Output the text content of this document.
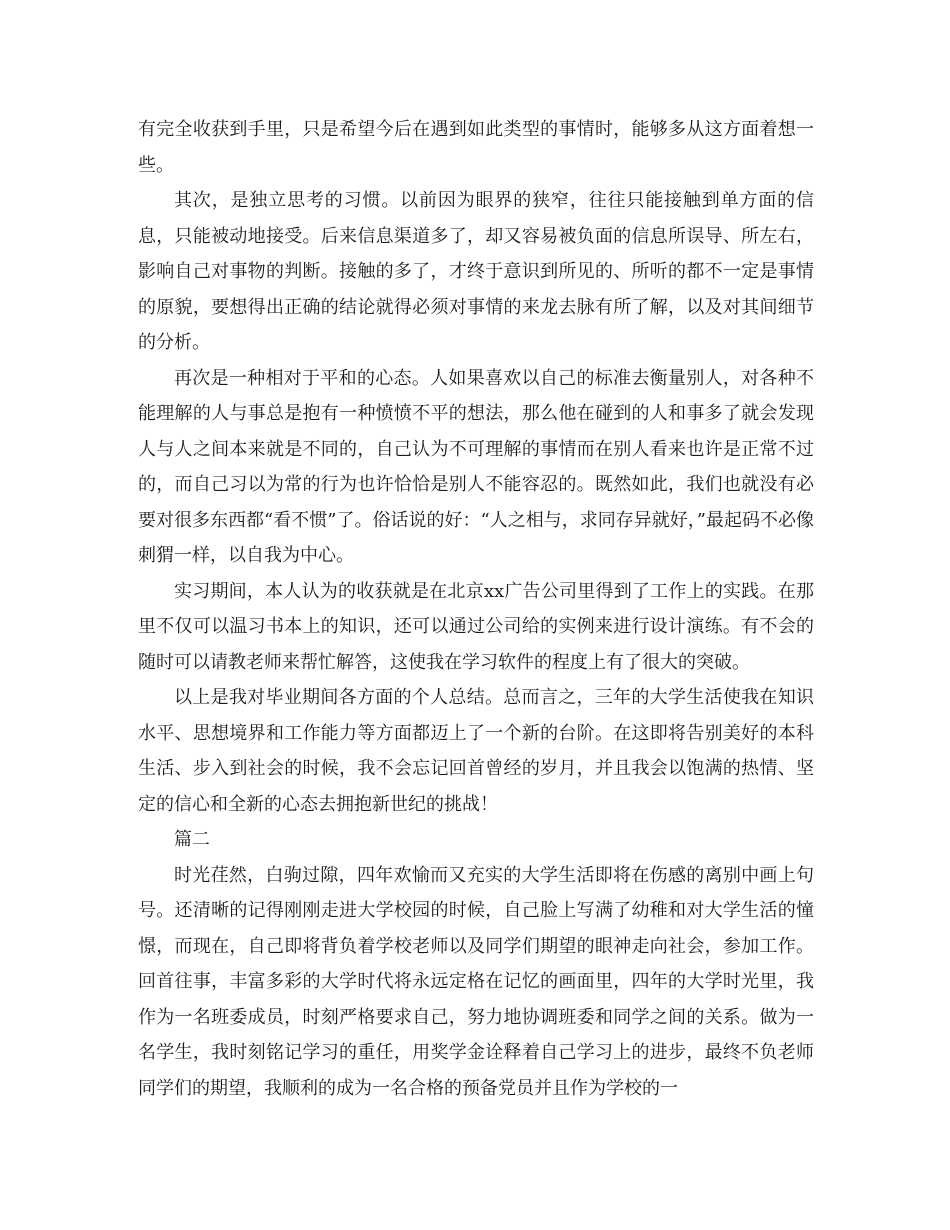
有完全收获到手里，只是希望今后在遇到如此类型的事情时，能够多从这方面着想一些。

其次，是独立思考的习惯。以前因为眼界的狭窄，往往只能接触到单方面的信息，只能被动地接受。后来信息渠道多了，却又容易被负面的信息所误导、所左右，影响自己对事物的判断。接触的多了，才终于意识到所见的、所听的都不一定是事情的原貌，要想得出正确的结论就得必须对事情的来龙去脉有所了解，以及对其间细节的分析。

再次是一种相对于平和的心态。人如果喜欢以自己的标准去衡量别人，对各种不能理解的人与事总是抱有一种愤愤不平的想法，那么他在碰到的人和事多了就会发现人与人之间本来就是不同的，自己认为不可理解的事情而在别人看来也许是正常不过的，而自己习以为常的行为也许恰恰是别人不能容忍的。既然如此，我们也就没有必要对很多东西都“看不惯”了。俗话说的好：“人之相与，求同存异就好，”最起码不必像刺猬一样，以自我为中心。

实习期间，本人认为的收获就是在北京xx广告公司里得到了工作上的实践。在那里不仅可以温习书本上的知识，还可以通过公司给的实例来进行设计演练。有不会的随时可以请教老师来帮忙解答，这使我在学习软件的程度上有了很大的突破。

以上是我对毕业期间各方面的个人总结。总而言之，三年的大学生活使我在知识水平、思想境界和工作能力等方面都迈上了一个新的台阶。在这即将告别美好的本科生活、步入到社会的时候，我不会忘记回首曾经的岁月，并且我会以饱满的热情、坚定的信心和全新的心态去拥抱新世纪的挑战！

篇二

时光荏然，白驹过隙，四年欢愉而又充实的大学生活即将在伤感的离别中画上句号。还清晰的记得刚刚走进大学校园的时候，自己脸上写满了幼稚和对大学生活的憧憬，而现在，自己即将背负着学校老师以及同学们期望的眼神走向社会，参加工作。回首往事，丰富多彩的大学时代将永远定格在记忆的画面里，四年的大学时光里，我作为一名班委成员，时刻严格要求自己，努力地协调班委和同学之间的关系。做为一名学生，我时刻铭记学习的重任，用奖学金诠释着自己学习上的进步，最终不负老师同学们的期望，我顺利的成为一名合格的预备党员并且作为学校的一
